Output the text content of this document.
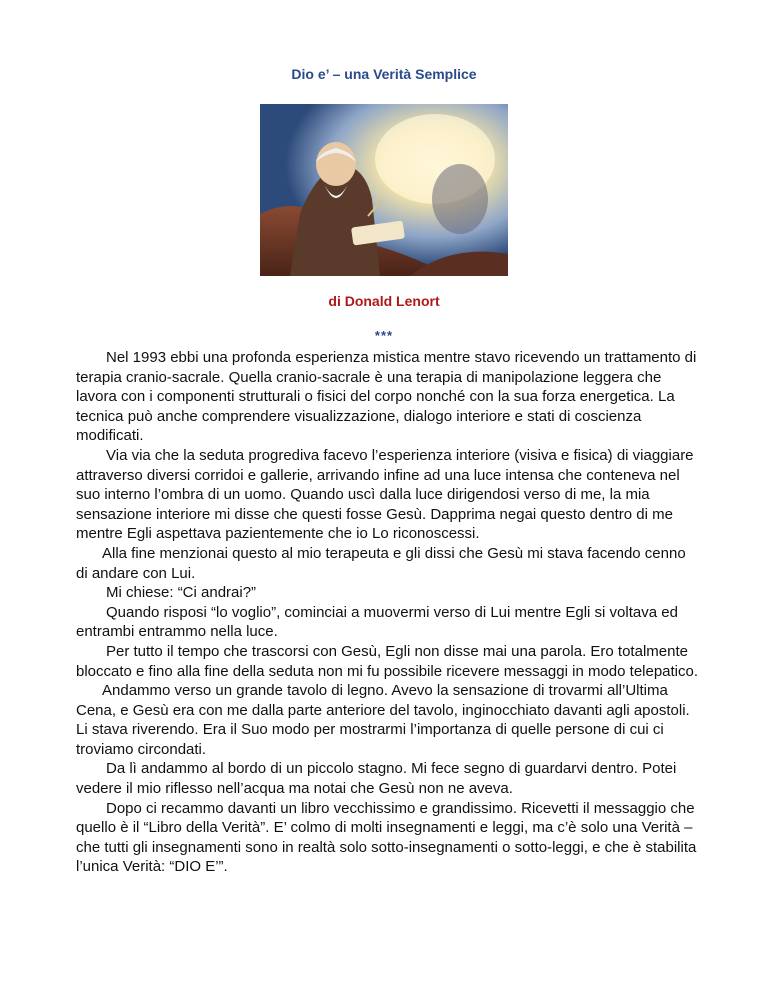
Dio e’ – una Verità Semplice
di Donald Lenort
***

Nel 1993 ebbi una profonda esperienza mistica mentre stavo ricevendo un trattamento di terapia cranio-sacrale. Quella cranio-sacrale è una terapia di manipolazione leggera che lavora con i componenti strutturali o fisici del corpo nonché con la sua forza energetica. La tecnica può anche comprendere visualizzazione, dialogo interiore e stati di coscienza modificati.

Via via che la seduta progrediva facevo l’esperienza interiore (visiva e fisica) di viaggiare attraverso diversi corridoi e gallerie, arrivando infine ad una luce intensa che conteneva nel suo interno l’ombra di un uomo. Quando uscì dalla luce dirigendosi verso di me, la mia sensazione interiore mi disse che questi fosse Gesù. Dapprima negai questo dentro di me mentre Egli aspettava pazientemente che io Lo riconoscessi.

Alla fine menzionai questo al mio terapeuta e gli dissi che Gesù mi stava facendo cenno di andare con Lui.

Mi chiese: “Ci andrai?”

Quando risposi “lo voglio”, cominciai a muovermi verso di Lui mentre Egli si voltava ed entrambi entrammo nella luce.

Per tutto il tempo che trascorsi con Gesù, Egli non disse mai una parola. Ero totalmente bloccato e fino alla fine della seduta non mi fu possibile ricevere messaggi in modo telepatico.

Andammo verso un grande tavolo di legno. Avevo la sensazione di trovarmi all’Ultima Cena, e Gesù era con me dalla parte anteriore del tavolo, inginocchiato davanti agli apostoli. Li stava riverendo. Era il Suo modo per mostrarmi l’importanza di quelle persone di cui ci troviamo circondati.

Da lì andammo al bordo di un piccolo stagno. Mi fece segno di guardarvi dentro. Potei vedere il mio riflesso nell’acqua ma notai che Gesù non ne aveva.

Dopo ci recammo davanti un libro vecchissimo e grandissimo. Ricevetti il messaggio che quello è il “Libro della Verità”. E’ colmo di molti insegnamenti e leggi, ma c’è solo una Verità – che tutti gli insegnamenti sono in realtà solo sotto-insegnamenti o sotto-leggi, e che è stabilita l’unica Verità: “DIO E’”.
